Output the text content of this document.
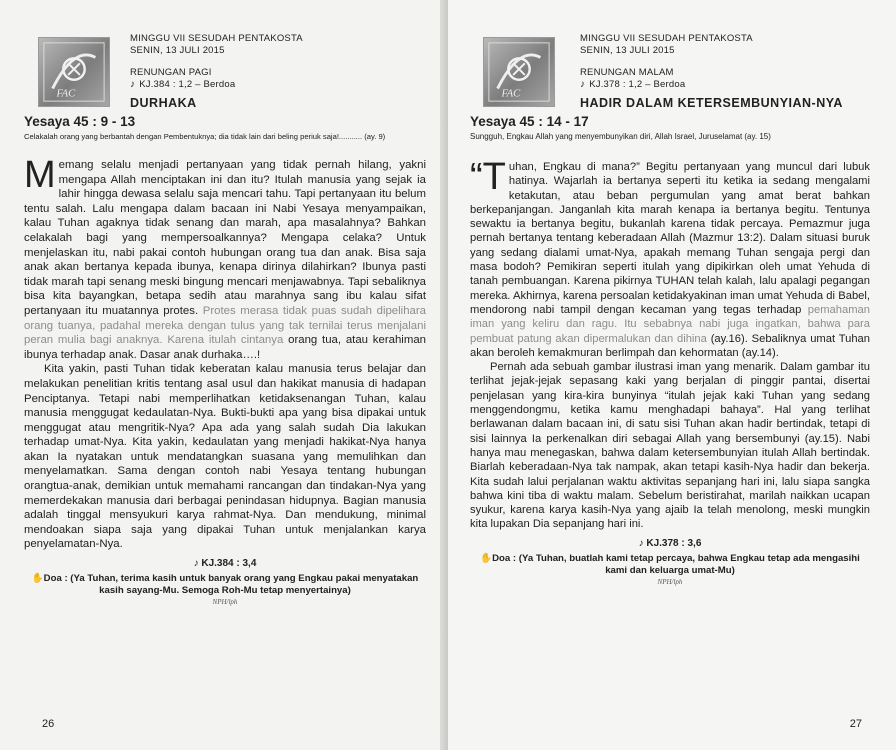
FAC
MINGGU VII SESUDAH PENTAKOSTA
SENIN, 13 JULI 2015
RENUNGAN PAGI
♪ KJ.384 : 1,2 – Berdoa
DURHAKA
Yesaya 45 : 9 - 13
Celakalah orang yang berbantah dengan Pembentuknya; dia tidak lain dari beling periuk saja!........... (ay. 9)

Memang selalu menjadi pertanyaan yang tidak pernah hilang, yakni mengapa Allah menciptakan ini dan itu? Itulah manusia yang sejak ia lahir hingga dewasa selalu saja mencari tahu. Tapi pertanyaan itu belum tentu salah. Lalu mengapa dalam bacaan ini Nabi Yesaya menyampaikan, kalau Tuhan agaknya tidak senang dan marah, apa masalahnya? Bahkan celakalah bagi yang mempersoalkannya? Mengapa celaka? Untuk menjelaskan itu, nabi pakai contoh hubungan orang tua dan anak. Bisa saja anak akan bertanya kepada ibunya, kenapa dirinya dilahirkan? Ibunya pasti tidak marah tapi senang meski bingung mencari menjawabnya. Tapi sebaliknya bisa kita bayangkan, betapa sedih atau marahnya sang ibu kalau sifat pertanyaan itu muatannya protes. Protes merasa tidak puas sudah dipelihara orang tuanya, padahal mereka dengan tulus yang tak ternilai terus menjalani peran mulia bagi anaknya. Karena itulah cintanya orang tua, atau kerahiman ibunya terhadap anak. Dasar anak durhaka….!

Kita yakin, pasti Tuhan tidak keberatan kalau manusia terus belajar dan melakukan penelitian kritis tentang asal usul dan hakikat manusia di hadapan Penciptanya. Tetapi nabi memperlihatkan ketidaksenangan Tuhan, kalau manusia menggugat kedaulatan-Nya. Bukti-bukti apa yang bisa dipakai untuk menggugat atau mengritik-Nya? Apa ada yang salah sudah Dia lakukan terhadap umat-Nya. Kita yakin, kedaulatan yang menjadi hakikat-Nya hanya akan Ia nyatakan untuk mendatangkan suasana yang memulihkan dan menyelamatkan. Sama dengan contoh nabi Yesaya tentang hubungan orangtua-anak, demikian untuk memahami rancangan dan tindakan-Nya yang memerdekakan manusia dari berbagai penindasan hidupnya. Bagian manusia adalah tinggal mensyukuri karya rahmat-Nya. Dan mendukung, minimal mendoakan siapa saja yang dipakai Tuhan untuk menjalankan karya penyelamatan-Nya.

♪ KJ.384 : 3,4
✋Doa : (Ya Tuhan, terima kasih untuk banyak orang yang Engkau pakai menyatakan kasih sayang-Mu. Semoga Roh-Mu tetap menyertainya)
NPH/lph
26
FAC
MINGGU VII SESUDAH PENTAKOSTA
SENIN, 13 JULI 2015
RENUNGAN MALAM
♪ KJ.378 : 1,2 – Berdoa
HADIR DALAM KETERSEMBUNYIAN-NYA
Yesaya 45 : 14 - 17
Sungguh, Engkau Allah yang menyembunyikan diri, Allah Israel, Juruselamat (ay. 15)

“Tuhan, Engkau di mana?” Begitu pertanyaan yang muncul dari lubuk hatinya. Wajarlah ia bertanya seperti itu ketika ia sedang mengalami ketakutan, atau beban pergumulan yang amat berat bahkan berkepanjangan. Janganlah kita marah kenapa ia bertanya begitu. Tentunya sewaktu ia bertanya begitu, bukanlah karena tidak percaya. Pemazmur juga pernah bertanya tentang keberadaan Allah (Mazmur 13:2). Dalam situasi buruk yang sedang dialami umat-Nya, apakah memang Tuhan sengaja pergi dan masa bodoh? Pemikiran seperti itulah yang dipikirkan oleh umat Yehuda di tanah pembuangan. Karena pikirnya TUHAN telah kalah, lalu apalagi pegangan mereka. Akhirnya, karena persoalan ketidakyakinan iman umat Yehuda di Babel, mendorong nabi tampil dengan kecaman yang tegas terhadap pemahaman iman yang keliru dan ragu. Itu sebabnya nabi juga ingatkan, bahwa para pembuat patung akan dipermalukan dan dihina (ay.16). Sebaliknya umat Tuhan akan beroleh kemakmuran berlimpah dan kehormatan (ay.14).

Pernah ada sebuah gambar ilustrasi iman yang menarik. Dalam gambar itu terlihat jejak-jejak sepasang kaki yang berjalan di pinggir pantai, disertai penjelasan yang kira-kira bunyinya “itulah jejak kaki Tuhan yang sedang menggendongmu, ketika kamu menghadapi bahaya”. Hal yang terlihat berlawanan dalam bacaan ini, di satu sisi Tuhan akan hadir bertindak, tetapi di sisi lainnya Ia perkenalkan diri sebagai Allah yang bersembunyi (ay.15). Nabi hanya mau menegaskan, bahwa dalam ketersembunyian itulah Allah bertindak. Biarlah keberadaan-Nya tak nampak, akan tetapi kasih-Nya hadir dan bekerja. Kita sudah lalui perjalanan waktu aktivitas sepanjang hari ini, lalu siapa sangka bahwa kini tiba di waktu malam. Sebelum beristirahat, marilah naikkan ucapan syukur, karena karya kasih-Nya yang ajaib Ia telah menolong, meski mungkin kita lupakan Dia sepanjang hari ini.

♪ KJ.378 : 3,6
✋Doa : (Ya Tuhan, buatlah kami tetap percaya, bahwa Engkau tetap ada mengasihi kami dan keluarga umat-Mu)
NPH/lph
27
